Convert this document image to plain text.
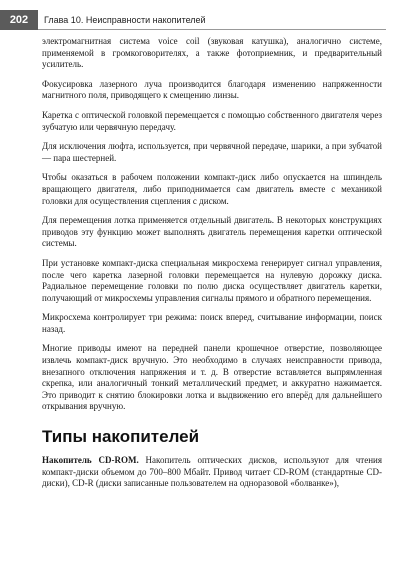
202	Глава 10. Неисправности накопителей

электромагнитная система voice coil (звуковая катушка), аналогично системе, применяемой в громкоговорителях, а также фотоприемник, и предварительный усилитель.

Фокусировка лазерного луча производится благодаря изменению напряженности магнитного поля, приводящего к смещению линзы.

Каретка с оптической головкой перемещается с помощью собственного двигателя через зубчатую или червячную передачу.

Для исключения люфта, используется, при червячной передаче, шарики, а при зубчатой — пара шестерней.

Чтобы оказаться в рабочем положении компакт-диск либо опускается на шпиндель вращающего двигателя, либо приподнимается сам двигатель вместе с механикой головки для осуществления сцепления с диском.

Для перемещения лотка применяется отдельный двигатель. В некоторых конструкциях приводов эту функцию может выполнять двигатель перемещения каретки оптической системы.

При установке компакт-диска специальная микросхема генерирует сигнал управления, после чего каретка лазерной головки перемещается на нулевую дорожку диска. Радиальное перемещение головки по полю диска осуществляет двигатель каретки, получающий от микросхемы управления сигналы прямого и обратного перемещения.

Микросхема контролирует три режима: поиск вперед, считывание информации, поиск назад.

Многие приводы имеют на передней панели крошечное отверстие, позволяющее извлечь компакт-диск вручную. Это необходимо в случаях неисправности привода, внезапного отключения напряжения и т. д. В отверстие вставляется выпрямленная скрепка, или аналогичный тонкий металлический предмет, и аккуратно нажимается. Это приводит к снятию блокировки лотка и выдвижению его вперёд для дальнейшего открывания вручную.

Типы накопителей

Накопитель CD-ROM. Накопитель оптических дисков, используют для чтения компакт-диски объемом до 700–800 Мбайт. Привод читает CD-ROM (стандартные CD-диски), CD-R (диски записанные пользователем на одноразовой «болванке»),
